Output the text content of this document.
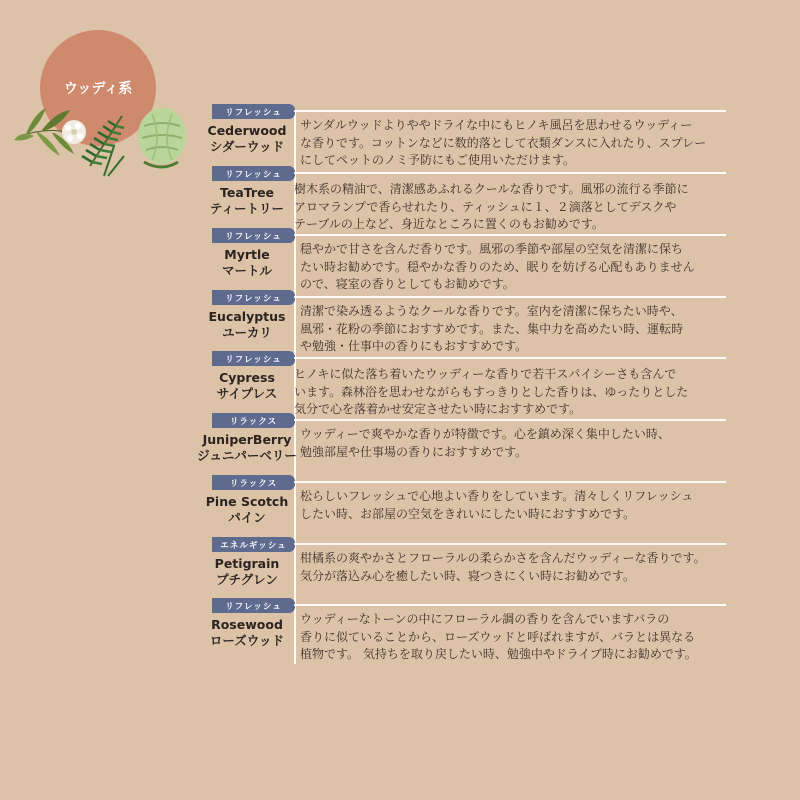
ウッディ系
リフレッシュ
Cederwood
シダーウッド

サンダルウッドよりややドライな中にもヒノキ風呂を思わせるウッディー
な香りです。コットンなどに数的落として衣類ダンスに入れたり、スプレー
にしてペットのノミ予防にもご使用いただけます。

リフレッシュ
TeaTree
ティートリー

樹木系の精油で、清潔感あふれるクールな香りです。風邪の流行る季節に
アロマランプで香らせれたり、ティッシュに１、２滴落としてデスクや
テーブルの上など、身近なところに置くのもお勧めです。

リフレッシュ
Myrtle
マートル

穏やかで甘さを含んだ香りです。風邪の季節や部屋の空気を清潔に保ち
たい時お勧めです。穏やかな香りのため、眠りを妨げる心配もありません
ので、寝室の香りとしてもお勧めです。

リフレッシュ
Eucalyptus
ユーカリ

清潔で染み透るようなクールな香りです。室内を清潔に保ちたい時や、
風邪・花粉の季節におすすめです。また、集中力を高めたい時、運転時
や勉強・仕事中の香りにもおすすめです。

リフレッシュ
Cypress
サイプレス

ヒノキに似た落ち着いたウッディーな香りで若干スパイシーさも含んで
います。森林浴を思わせながらもすっきりとした香りは、ゆったりとした
気分で心を落着かせ安定させたい時におすすめです。

リラックス
JuniperBerry
ジュニパーベリー

ウッディーで爽やかな香りが特徴です。心を鎮め深く集中したい時、
勉強部屋や仕事場の香りにおすすめです。

リラックス
Pine Scotch
パイン

松らしいフレッシュで心地よい香りをしています。清々しくリフレッシュ
したい時、お部屋の空気をきれいにしたい時におすすめです。

エネルギッシュ
Petigrain
プチグレン

柑橘系の爽やかさとフローラルの柔らかさを含んだウッディーな香りです。
気分が落込み心を癒したい時、寝つきにくい時にお勧めです。

リフレッシュ
Rosewood
ローズウッド

ウッディーなトーンの中にフローラル調の香りを含んでいますバラの
香りに似ていることから、ローズウッドと呼ばれますが、バラとは異なる
植物です。 気持ちを取り戻したい時、勉強中やドライブ時にお勧めです。
